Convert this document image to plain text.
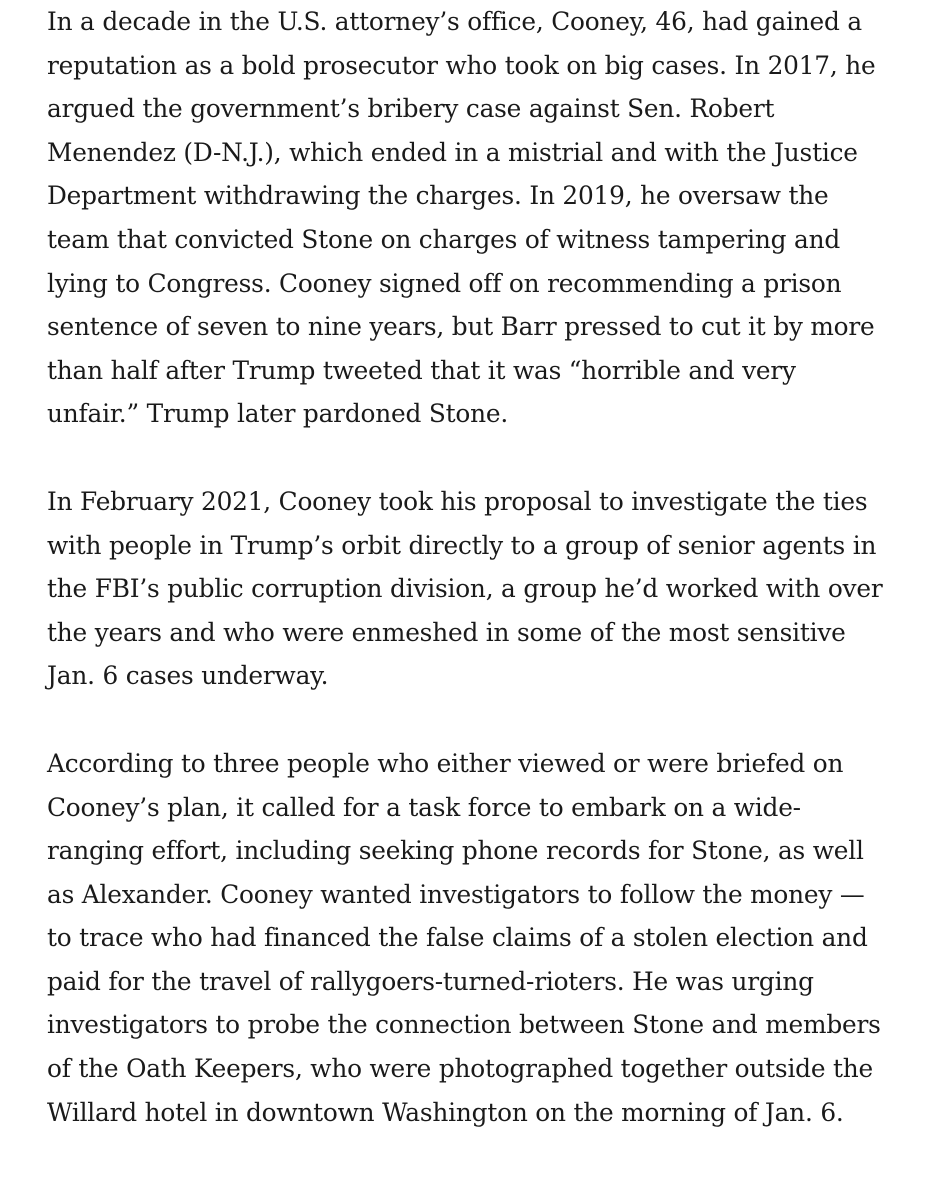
In a decade in the U.S. attorney’s office, Cooney, 46, had gained a reputation as a bold prosecutor who took on big cases. In 2017, he argued the government’s bribery case against Sen. Robert Menendez (D-N.J.), which ended in a mistrial and with the Justice Department withdrawing the charges. In 2019, he oversaw the team that convicted Stone on charges of witness tampering and lying to Congress. Cooney signed off on recommending a prison sentence of seven to nine years, but Barr pressed to cut it by more than half after Trump tweeted that it was “horrible and very unfair.” Trump later pardoned Stone.

In February 2021, Cooney took his proposal to investigate the ties with people in Trump’s orbit directly to a group of senior agents in the FBI’s public corruption division, a group he’d worked with over the years and who were enmeshed in some of the most sensitive Jan. 6 cases underway.

According to three people who either viewed or were briefed on Cooney’s plan, it called for a task force to embark on a wide-ranging effort, including seeking phone records for Stone, as well as Alexander. Cooney wanted investigators to follow the money — to trace who had financed the false claims of a stolen election and paid for the travel of rallygoers-turned-rioters. He was urging investigators to probe the connection between Stone and members of the Oath Keepers, who were photographed together outside the Willard hotel in downtown Washington on the morning of Jan. 6.
